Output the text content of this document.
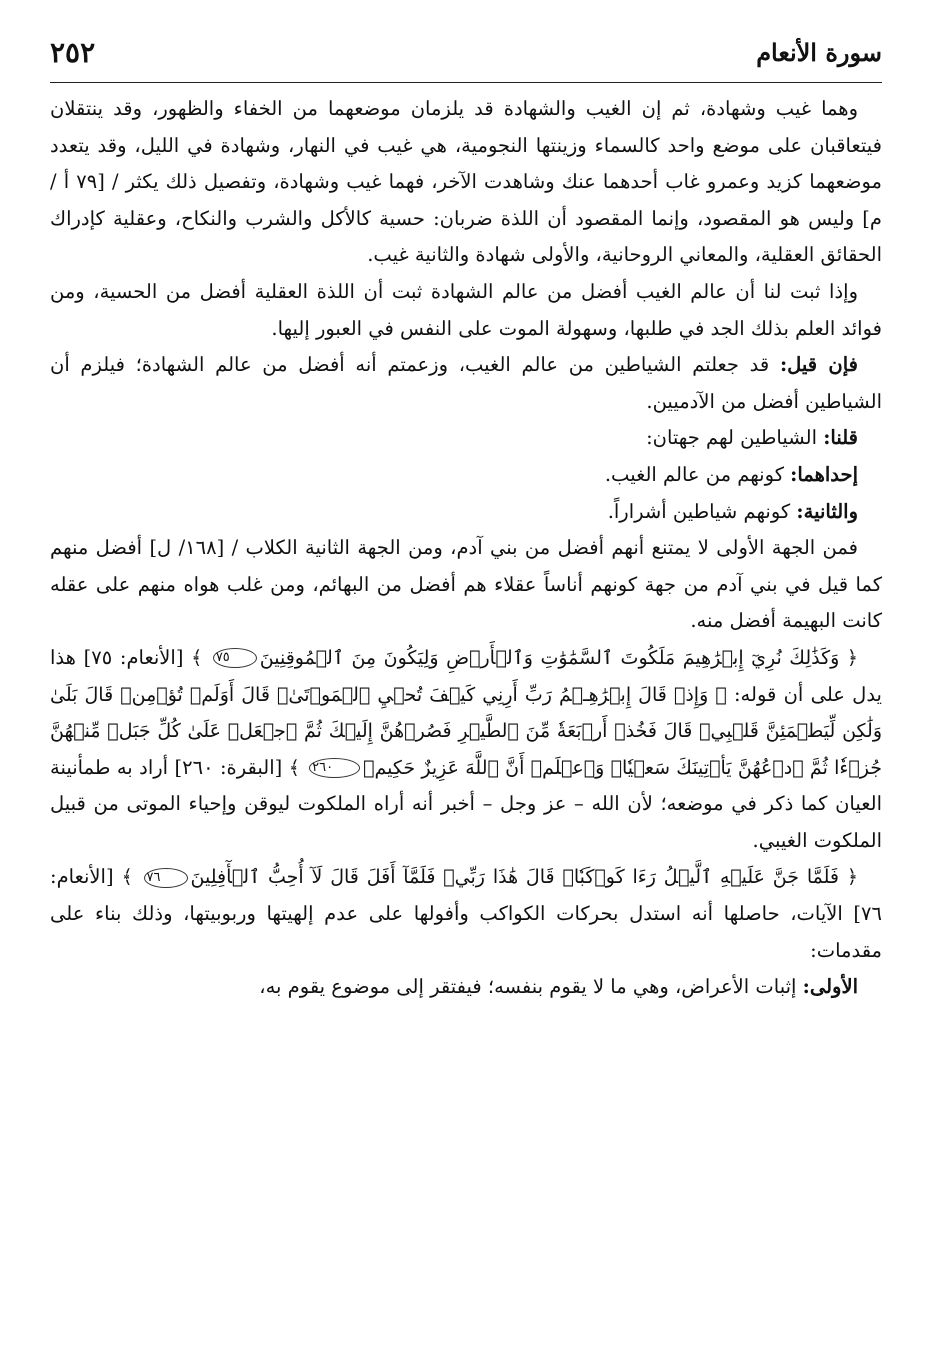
سورة الأنعام
٢٥٢

وهما غيب وشهادة، ثم إن الغيب والشهادة قد يلزمان موضعهما من الخفاء والظهور، وقد ينتقلان فيتعاقبان على موضع واحد كالسماء وزينتها النجومية، هي غيب في النهار، وشهادة في الليل، وقد يتعدد موضعهما كزيد وعمرو غاب أحدهما عنك وشاهدت الآخر، فهما غيب وشهادة، وتفصيل ذلك يكثر / [٧٩ أ / م] وليس هو المقصود، وإنما المقصود أن اللذة ضربان: حسية كالأكل والشرب والنكاح، وعقلية كإدراك الحقائق العقلية، والمعاني الروحانية، والأولى شهادة والثانية غيب.

وإذا ثبت لنا أن عالم الغيب أفضل من عالم الشهادة ثبت أن اللذة العقلية أفضل من الحسية، ومن فوائد العلم بذلك الجد في طلبها، وسهولة الموت على النفس في العبور إليها.

فإن قيل: قد جعلتم الشياطين من عالم الغيب، وزعمتم أنه أفضل من عالم الشهادة؛ فيلزم أن الشياطين أفضل من الآدميين.

قلنا: الشياطين لهم جهتان:

إحداهما: كونهم من عالم الغيب.

والثانية: كونهم شياطين أشراراً.

فمن الجهة الأولى لا يمتنع أنهم أفضل من بني آدم، ومن الجهة الثانية الكلاب / [١٦٨/ ل] أفضل منهم كما قيل في بني آدم من جهة كونهم أناساً عقلاء هم أفضل من البهائم، ومن غلب هواه منهم على عقله كانت البهيمة أفضل منه.

﴿ وَكَذَٰلِكَ نُرِيٓ إِبۡرَٰهِيمَ مَلَكُوتَ ٱلسَّمَٰوَٰتِ وَٱلۡأَرۡضِ وَلِيَكُونَ مِنَ ٱلۡمُوقِنِينَ٧٥ ﴾ [الأنعام: ٧٥] هذا يدل على أن قوله: ﴿ وَإِذۡ قَالَ إِبۡرَٰهِـۧمُ رَبِّ أَرِنِي كَيۡفَ تُحۡيِ ٱلۡمَوۡتَىٰۖ قَالَ أَوَلَمۡ تُؤۡمِنۖ قَالَ بَلَىٰ وَلَٰكِن لِّيَطۡمَئِنَّ قَلۡبِيۖ قَالَ فَخُذۡ أَرۡبَعَةٗ مِّنَ ٱلطَّيۡرِ فَصُرۡهُنَّ إِلَيۡكَ ثُمَّ ٱجۡعَلۡ عَلَىٰ كُلِّ جَبَلٖ مِّنۡهُنَّ جُزۡءٗا ثُمَّ ٱدۡعُهُنَّ يَأۡتِينَكَ سَعۡيٗاۚ وَٱعۡلَمۡ أَنَّ ٱللَّهَ عَزِيزٌ حَكِيمٞ٢٦٠ ﴾ [البقرة: ٢٦٠] أراد به طمأنينة العيان كما ذكر في موضعه؛ لأن الله – عز وجل – أخبر أنه أراه الملكوت ليوقن وإحياء الموتى من قبيل الملكوت الغيبي.

﴿ فَلَمَّا جَنَّ عَلَيۡهِ ٱلَّيۡلُ رَءَا كَوۡكَبٗاۖ قَالَ هَٰذَا رَبِّيۖ فَلَمَّآ أَفَلَ قَالَ لَآ أُحِبُّ ٱلۡأٓفِلِينَ٧٦ ﴾ [الأنعام: ٧٦] الآيات، حاصلها أنه استدل بحركات الكواكب وأفولها على عدم إلهيتها وربوبيتها، وذلك بناء على مقدمات:

الأولى: إثبات الأعراض، وهي ما لا يقوم بنفسه؛ فيفتقر إلى موضوع يقوم به،
